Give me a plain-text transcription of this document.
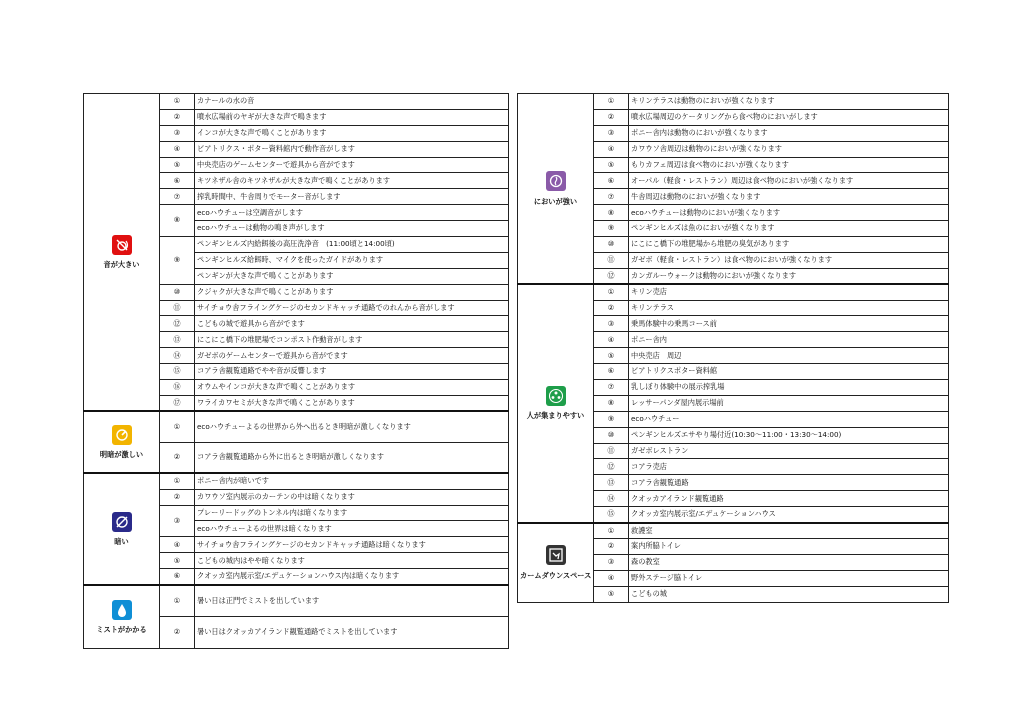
音が大きい	①	カナールの水の音
	②	噴水広場前のヤギが大きな声で鳴きます
	③	インコが大きな声で鳴くことがあります
	④	ビアトリクス・ポター資料館内で動作音がします
	⑤	中央売店のゲームセンターで遊具から音がでます
	⑥	キツネザル舎のキツネザルが大きな声で鳴くことがあります
	⑦	搾乳時間中、牛舎周りでモーター音がします
	⑧	ecoハウチューは空調音がします
		ecoハウチューは動物の鳴き声がします
	⑨	ペンギンヒルズ内給餌後の高圧洗浄音　(11:00頃と14:00頃)
		ペンギンヒルズ給餌時、マイクを使ったガイドがあります
		ペンギンが大きな声で鳴くことがあります
	⑩	クジャクが大きな声で鳴くことがあります
	⑪	サイチョウ舎フライングケージのセカンドキャッチ通路でのれんから音がします
	⑫	こどもの城で遊具から音がでます
	⑬	にこにこ橋下の堆肥場でコンポスト作動音がします
	⑭	ガゼボのゲームセンターで遊具から音がでます
	⑮	コアラ舎観覧通路でやや音が反響します
	⑯	オウムやインコが大きな声で鳴くことがあります
	⑰	ワライカワセミが大きな声で鳴くことがあります

明暗が激しい	①	ecoハウチューよるの世界から外へ出るとき明暗が激しくなります
	②	コアラ舎観覧通路から外に出るとき明暗が激しくなります

暗い	①	ポニー舎内が暗いです
	②	カワウソ室内展示のカーテンの中は暗くなります
	③	プレーリードッグのトンネル内は暗くなります
		ecoハウチューよるの世界は暗くなります
	④	サイチョウ舎フライングケージのセカンドキャッチ通路は暗くなります
	⑤	こどもの城内はやや暗くなります
	⑥	クオッカ室内展示室/エデュケーションハウス内は暗くなります

ミストがかかる	①	暑い日は正門でミストを出しています
	②	暑い日はクオッカアイランド観覧通路でミストを出しています
においが強い	①	キリンテラスは動物のにおいが強くなります
	②	噴水広場周辺のケータリングから食べ物のにおいがします
	③	ポニー舎内は動物のにおいが強くなります
	④	カワウソ舎周辺は動物のにおいが強くなります
	⑤	もりカフェ周辺は食べ物のにおいが強くなります
	⑥	オーパル（軽食・レストラン）周辺は食べ物のにおいが強くなります
	⑦	牛舎周辺は動物のにおいが強くなります
	⑧	ecoハウチューは動物のにおいが強くなります
	⑨	ペンギンヒルズは魚のにおいが強くなります
	⑩	にこにこ橋下の堆肥場から堆肥の臭気があります
	⑪	ガゼボ（軽食・レストラン）は食べ物のにおいが強くなります
	⑫	カンガルーウォークは動物のにおいが強くなります

人が集まりやすい	①	キリン売店
	②	キリンテラス
	③	乗馬体験中の乗馬コース前
	④	ポニー舎内
	⑤	中央売店　周辺
	⑥	ビアトリクスポター資料館
	⑦	乳しぼり体験中の展示搾乳場
	⑧	レッサーパンダ屋内展示場前
	⑨	ecoハウチュー
	⑩	ペンギンヒルズエサやり場付近(10:30～11:00・13:30～14:00)
	⑪	ガゼボレストラン
	⑫	コアラ売店
	⑬	コアラ舎観覧通路
	⑭	クオッカアイランド観覧通路
	⑮	クオッカ室内展示室/エデュケーションハウス

カームダウンスペース	①	救護室
	②	案内所脇トイレ
	③	森の教室
	④	野外ステージ脇トイレ
	⑤	こどもの城
